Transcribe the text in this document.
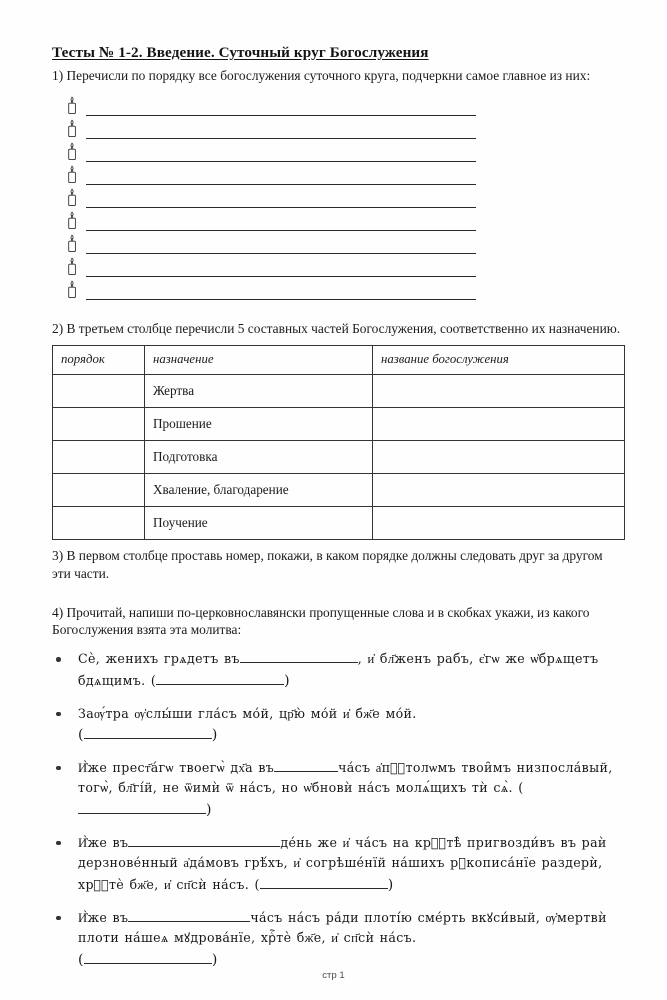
Тесты № 1-2. Введение. Суточный круг Богослужения

1) Перечисли по порядку все богослужения суточного круга, подчеркни самое главное из них:

2) В третьем столбце перечисли 5 составных частей Богослужения, соответственно их назначению.

порядок	назначение	название богослужения
	Жертва	
	Прошение	
	Подготовка	
	Хваление, благодарение	
	Поучение	

3) В первом столбце проставь номер, покажи, в каком порядке должны следовать друг за другом эти части.

4) Прочитай, напиши по-церковнославянски пропущенные слова и в скобках укажи, из какого Богослужения взята эта молитва:

Сѐ, женихъ грѧдетъ въ	, и҆ бл҃женъ рабъ, є҆гѡ же ѡ҆брѧщетъ бдѧщимъ. (	)
Заѹ́тра ѹ҆слы́ши гла́съ мо́й, цр҃ю̀ мо́й и҆ бж҃е мо́й.
(	)
И҆̀же прест҃а́гѡ твоегѡ̀ дх҃а въ	ча́съ а҆пⷭ҇толѡмъ твои̑мъ низпосла́вый, тогѡ̀, бл҃гі́й, не ѿимѝ ѿ на́съ, но ѡ҆бновѝ на́съ молѧ́щихъ тѝ сѧ̀. ()
И҆̀же въ	де́нь же и҆ ча́съ на крⷭ҇тѣ̀ пригвозди́въ въ раѝ дерзнове́нный а҆да́мовъ грѣ́хъ, и҆ согрѣше́нїй на́шихъ рꙋкописа́нїе раздерѝ, хрⷭ҇тѐ бж҃е, и҆ сп҃сѝ на́съ. (	)
И҆̀же въ	ча́съ на́съ ра́ди плоті́ю сме́рть вкꙋси́вый, ѹ҆мертвѝ плоти на́шеѧ мꙋдрова́нїе, хрⷭ҇тѐ бж҃е, и҆ сп҃сѝ на́съ.
(	)
стр 1
